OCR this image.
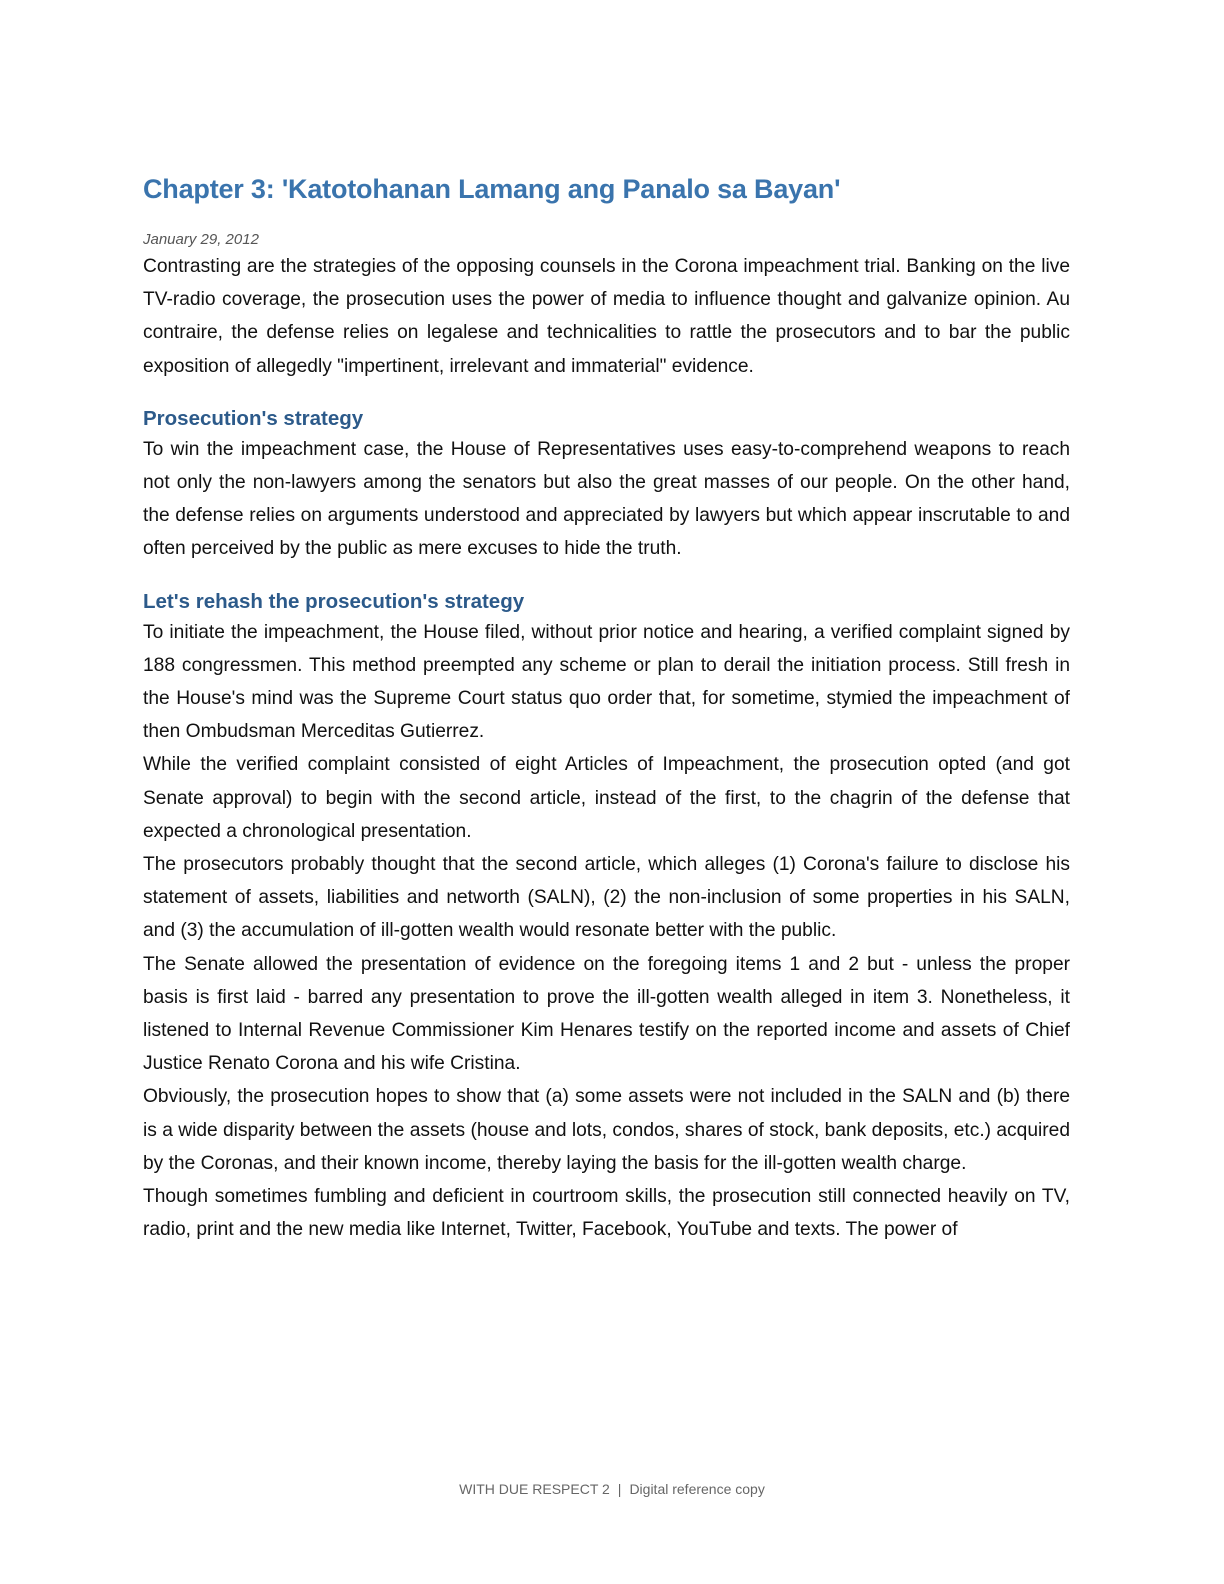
Chapter 3: 'Katotohanan Lamang ang Panalo sa Bayan'
January 29, 2012

Contrasting are the strategies of the opposing counsels in the Corona impeachment trial. Banking on the live TV-radio coverage, the prosecution uses the power of media to influence thought and galvanize opinion. Au contraire, the defense relies on legalese and technicalities to rattle the prosecutors and to bar the public exposition of allegedly "impertinent, irrelevant and immaterial" evidence.

Prosecution's strategy

To win the impeachment case, the House of Representatives uses easy-to-comprehend weapons to reach not only the non-lawyers among the senators but also the great masses of our people. On the other hand, the defense relies on arguments understood and appreciated by lawyers but which appear inscrutable to and often perceived by the public as mere excuses to hide the truth.

Let's rehash the prosecution's strategy

To initiate the impeachment, the House filed, without prior notice and hearing, a verified complaint signed by 188 congressmen. This method preempted any scheme or plan to derail the initiation process. Still fresh in the House's mind was the Supreme Court status quo order that, for sometime, stymied the impeachment of then Ombudsman Merceditas Gutierrez.

While the verified complaint consisted of eight Articles of Impeachment, the prosecution opted (and got Senate approval) to begin with the second article, instead of the first, to the chagrin of the defense that expected a chronological presentation.

The prosecutors probably thought that the second article, which alleges (1) Corona's failure to disclose his statement of assets, liabilities and networth (SALN), (2) the non-inclusion of some properties in his SALN, and (3) the accumulation of ill-gotten wealth would resonate better with the public.

The Senate allowed the presentation of evidence on the foregoing items 1 and 2 but - unless the proper basis is first laid - barred any presentation to prove the ill-gotten wealth alleged in item 3. Nonetheless, it listened to Internal Revenue Commissioner Kim Henares testify on the reported income and assets of Chief Justice Renato Corona and his wife Cristina.

Obviously, the prosecution hopes to show that (a) some assets were not included in the SALN and (b) there is a wide disparity between the assets (house and lots, condos, shares of stock, bank deposits, etc.) acquired by the Coronas, and their known income, thereby laying the basis for the ill-gotten wealth charge.

Though sometimes fumbling and deficient in courtroom skills, the prosecution still connected heavily on TV, radio, print and the new media like Internet, Twitter, Facebook, YouTube and texts. The power of

WITH DUE RESPECT 2 | Digital reference copy
